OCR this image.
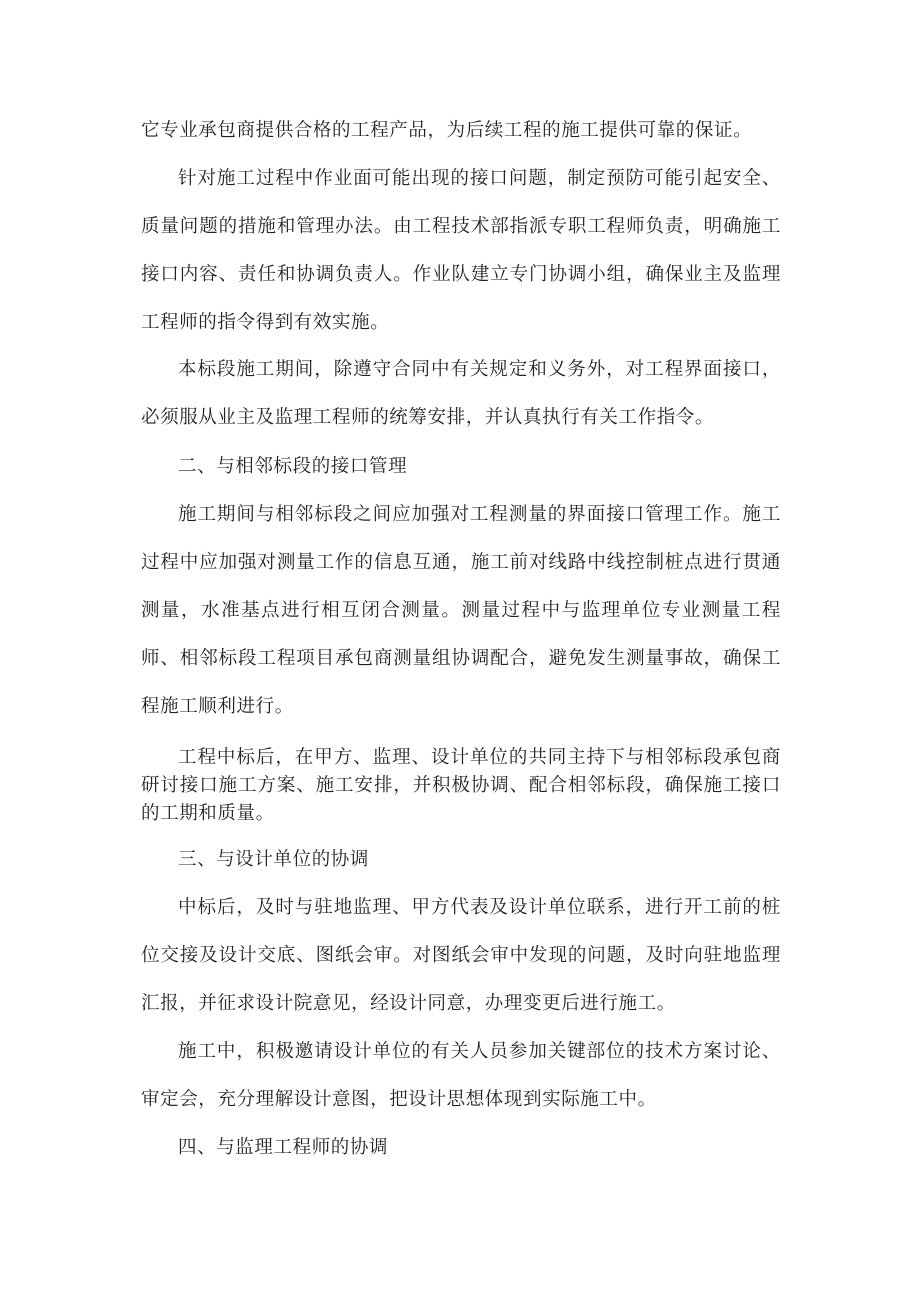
它专业承包商提供合格的工程产品，为后续工程的施工提供可靠的保证。

针对施工过程中作业面可能出现的接口问题，制定预防可能引起安全、质量问题的措施和管理办法。由工程技术部指派专职工程师负责，明确施工接口内容、责任和协调负责人。作业队建立专门协调小组，确保业主及监理工程师的指令得到有效实施。

本标段施工期间，除遵守合同中有关规定和义务外，对工程界面接口，必须服从业主及监理工程师的统筹安排，并认真执行有关工作指令。

二、与相邻标段的接口管理

施工期间与相邻标段之间应加强对工程测量的界面接口管理工作。施工过程中应加强对测量工作的信息互通，施工前对线路中线控制桩点进行贯通测量，水准基点进行相互闭合测量。测量过程中与监理单位专业测量工程师、相邻标段工程项目承包商测量组协调配合，避免发生测量事故，确保工程施工顺利进行。

工程中标后，在甲方、监理、设计单位的共同主持下与相邻标段承包商研讨接口施工方案、施工安排，并积极协调、配合相邻标段，确保施工接口的工期和质量。

三、与设计单位的协调

中标后，及时与驻地监理、甲方代表及设计单位联系，进行开工前的桩位交接及设计交底、图纸会审。对图纸会审中发现的问题，及时向驻地监理汇报，并征求设计院意见，经设计同意，办理变更后进行施工。

施工中，积极邀请设计单位的有关人员参加关键部位的技术方案讨论、审定会，充分理解设计意图，把设计思想体现到实际施工中。

四、与监理工程师的协调
